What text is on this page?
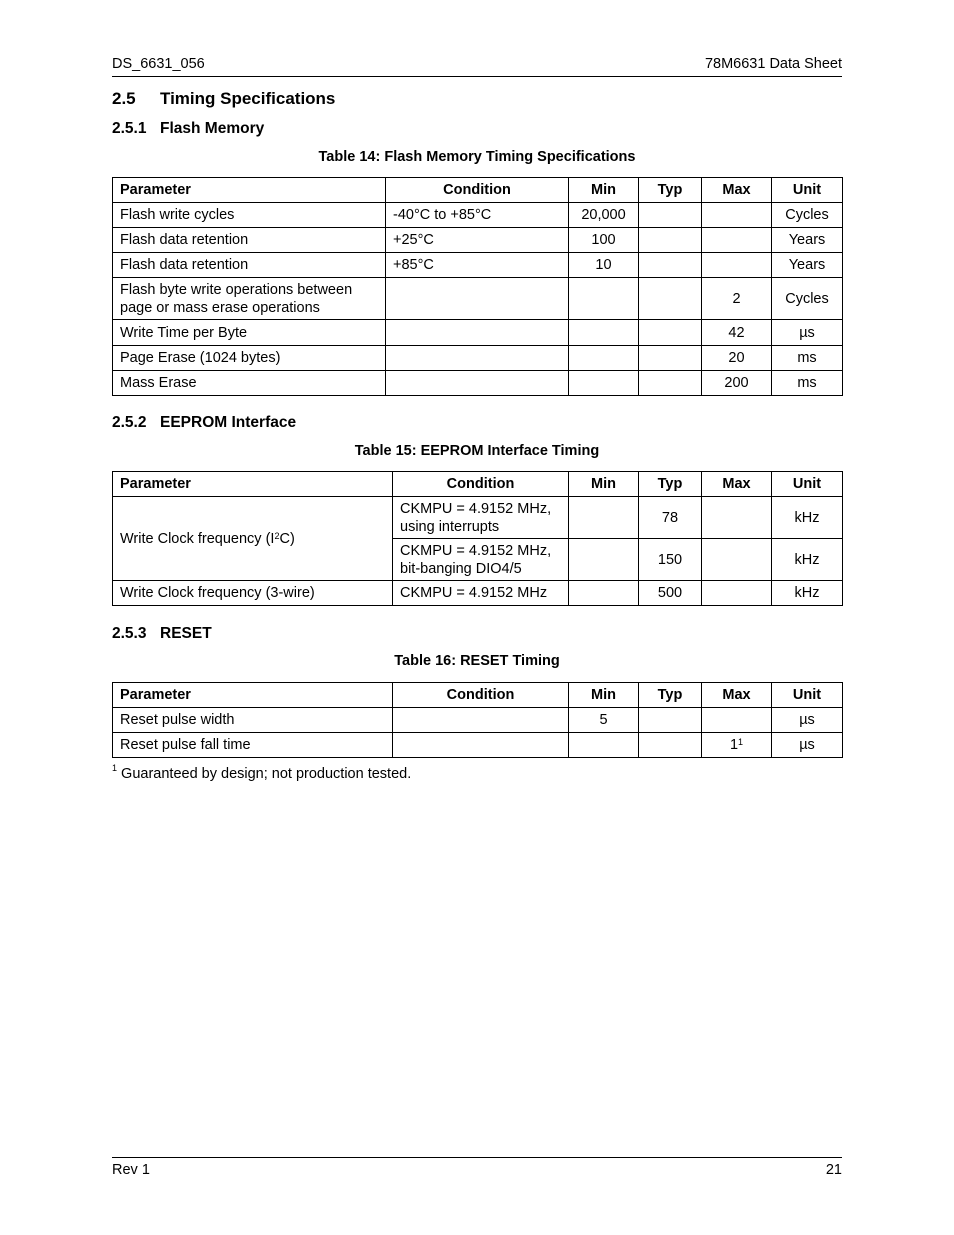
DS_6631_056	78M6631 Data Sheet
2.5 Timing Specifications
2.5.1 Flash Memory
Table 14: Flash Memory Timing Specifications
Parameter	Condition	Min	Typ	Max	Unit
Flash write cycles	-40°C to +85°C	20,000			Cycles
Flash data retention	+25°C	100			Years
Flash data retention	+85°C	10			Years
Flash byte write operations between page or mass erase operations				2	Cycles
Write Time per Byte				42	µs
Page Erase (1024 bytes)				20	ms
Mass Erase				200	ms
2.5.2 EEPROM Interface
Table 15: EEPROM Interface Timing
Parameter	Condition	Min	Typ	Max	Unit
Write Clock frequency $(I^2C)$	CKMPU = 4.9152 MHz, using interrupts		78		kHz
	CKMPU = 4.9152 MHz, bit-banging DIO4/5		150		kHz
Write Clock frequency (3-wire)	CKMPU = 4.9152 MHz		500		kHz
2.5.3 RESET
Table 16: RESET Timing
Parameter	Condition	Min	Typ	Max	Unit
Reset pulse width		5			µs
Reset pulse fall time				$1^1$	µs
$^1$ Guaranteed by design; not production tested.
Rev 1	21
